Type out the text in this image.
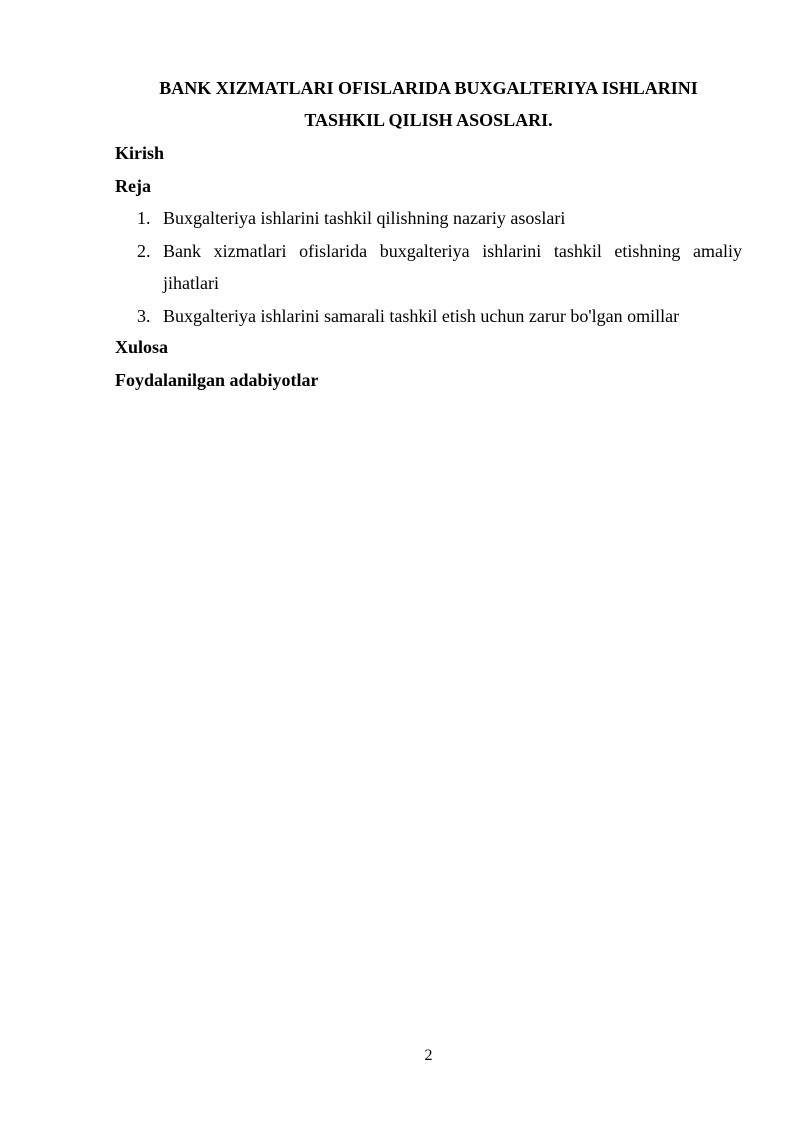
BANK XIZMATLARI OFISLARIDA BUXGALTERIYA ISHLARINI
TASHKIL QILISH ASOSLARI.
Kirish
Reja
1. Buxgalteriya ishlarini tashkil qilishning nazariy asoslari
2. Bank xizmatlari ofislarida buxgalteriya ishlarini tashkil etishning amaliy jihatlari
3. Buxgalteriya ishlarini samarali tashkil etish uchun zarur bo'lgan omillar
Xulosa
Foydalanilgan adabiyotlar
2
